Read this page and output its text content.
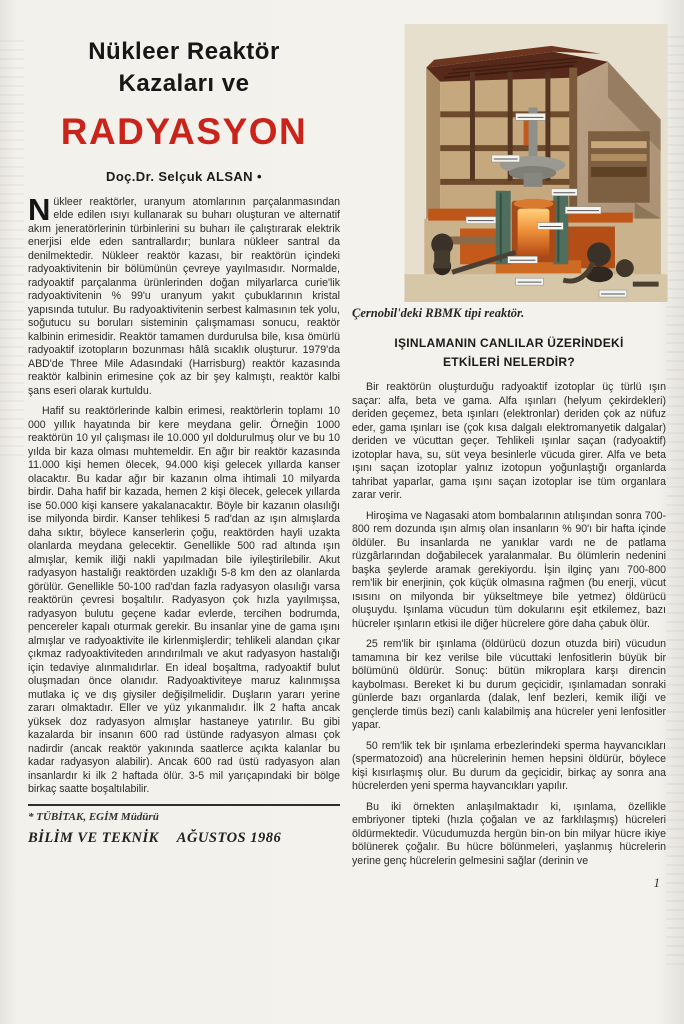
Nükleer Reaktör
Kazaları ve
RADYASYON
Doç.Dr. Selçuk ALSAN •

Nükleer reaktörler, uranyum atomlarının parçalanmasından elde edilen ısıyı kullanarak su buharı oluşturan ve alternatif akım jeneratörlerinin türbinlerini su buharı ile çalıştırarak elektrik enerjisi elde eden santrallardır; bunlara nükleer santral da denilmektedir. Nükleer reaktör kazası, bir reaktörün içindeki radyoaktivitenin bir bölümünün çevreye yayılmasıdır. Normalde, radyoaktif parçalanma ürünlerinden doğan milyarlarca curie'lik radyoaktivitenin % 99'u uranyum yakıt çubuklarının kristal yapısında tutulur. Bu radyoaktivitenin serbest kalmasının tek yolu, soğutucu su boruları sisteminin çalışmaması sonucu, reaktör kalbinin erimesidir. Reaktör tamamen durdurulsa bile, kısa ömürlü radyoaktif izotopların bozunması hâlâ sıcaklık oluşturur. 1979'da ABD'de Three Mile Adasındaki (Harrisburg) reaktör kazasında reaktör kalbinin erimesine çok az bir şey kalmıştı, reaktör kalbi şans eseri olarak kurtuldu.

Hafif su reaktörlerinde kalbin erimesi, reaktörlerin toplamı 10 000 yıllık hayatında bir kere meydana gelir. Örneğin 1000 reaktörün 10 yıl çalışması ile 10.000 yıl doldurulmuş olur ve bu 10 yılda bir kaza olması muhtemeldir. En ağır bir reaktör kazasında 11.000 kişi hemen ölecek, 94.000 kişi gelecek yıllarda kanser olacaktır. Bu kadar ağır bir kazanın olma ihtimali 10 milyarda birdir. Daha hafif bir kazada, hemen 2 kişi ölecek, gelecek yıllarda ise 50.000 kişi kansere yakalanacaktır. Böyle bir kazanın olasılığı ise milyonda birdir. Kanser tehlikesi 5 rad'dan az ışın almışlarda daha sıktır, böylece kanserlerin çoğu, reaktörden hayli uzakta olanlarda meydana gelecektir. Genellikle 500 rad altında ışın almışlar, kemik iliği nakli yapılmadan bile iyileştirilebilir. Akut radyasyon hastalığı reaktörden uzaklığı 5-8 km den az olanlarda görülür. Genellikle 50-100 rad'dan fazla radyasyon olasılığı varsa reaktörün çevresi boşaltılır. Radyasyon çok hızla yayılmışsa, radyasyon bulutu geçene kadar evlerde, tercihen bodrumda, pencereler kapalı oturmak gerekir. Bu insanlar yine de gama ışını almışlar ve radyoaktivite ile kirlenmişlerdir; tehlikeli alandan çıkar çıkmaz radyoaktiviteden arındırılmalı ve akut radyasyon hastalığı için tedaviye alınmalıdırlar. En ideal boşaltma, radyoaktif bulut oluşmadan önce olanıdır. Radyoaktiviteye maruz kalınmışsa mutlaka iç ve dış giysiler değişilmelidir. Duşların yararı yerine zararı olmaktadır. Eller ve yüz yıkanmalıdır. İlk 2 hafta ancak yüksek doz radyasyon almışlar hastaneye yatırılır. Bu gibi kazalarda bir insanın 600 rad üstünde radyasyon alması çok nadirdir (ancak reaktör yakınında saatlerce açıkta kalanlar bu kadar radyasyon alabilir). Ancak 600 rad üstü radyasyon alan insanlardır ki ilk 2 haftada ölür. 3-5 mil yarıçapındaki bir bölge birkaç saatte boşaltılabilir.

* TÜBİTAK, EGİM Müdürü
BİLİM VE TEKNİK AĞUSTOS 1986
Çernobil'deki RBMK tipi reaktör.
IŞINLAMANIN CANLILAR ÜZERİNDEKİ
ETKİLERİ NELERDİR?

Bir reaktörün oluşturduğu radyoaktif izotoplar üç türlü ışın saçar: alfa, beta ve gama. Alfa ışınları (helyum çekirdekleri) deriden geçemez, beta ışınları (elektronlar) deriden çok az nüfuz eder, gama ışınları ise (çok kısa dalgalı elektromanyetik dalgalar) deriden ve vücuttan geçer. Tehlikeli ışınlar saçan (radyoaktif) izotoplar hava, su, süt veya besinlerle vücuda girer. Alfa ve beta ışını saçan izotoplar yalnız izotopun yoğunlaştığı organlarda tahribat yaparlar, gama ışını saçan izotoplar ise tüm organlara zarar verir.

Hiroşima ve Nagasaki atom bombalarının atılışından sonra 700-800 rem dozunda ışın almış olan insanların % 90'ı bir hafta içinde öldüler. Bu insanlarda ne yanıklar vardı ne de patlama rüzgârlarından doğabilecek yaralanmalar. Bu ölümlerin nedenini başka şeylerde aramak gerekiyordu. İşin ilginç yanı 700-800 rem'lik bir enerjinin, çok küçük olmasına rağmen (bu enerji, vücut ısısını on milyonda bir yükseltmeye bile yetmez) öldürücü oluşuydu. Işınlama vücudun tüm dokularını eşit etkilemez, bazı hücreler ışınların etkisi ile diğer hücrelere göre daha çabuk ölür.

25 rem'lik bir ışınlama (öldürücü dozun otuzda biri) vücudun tamamına bir kez verilse bile vücuttaki lenfositlerin büyük bir bölümünü öldürür. Sonuç: bütün mikroplara karşı direncin kaybolması. Bereket ki bu durum geçicidir, ışınlamadan sonraki günlerde bazı organlarda (dalak, lenf bezleri, kemik iliği ve gençlerde timüs bezi) canlı kalabilmiş ana hücreler yeni lenfositler yapar.

50 rem'lik tek bir ışınlama erbezlerindeki sperma hayvancıkları (spermatozoid) ana hücrelerinin hemen hepsini öldürür, böylece kişi kısırlaşmış olur. Bu durum da geçicidir, birkaç ay sonra ana hücrelerden yeni sperma hayvancıkları yapılır.

Bu iki örnekten anlaşılmaktadır ki, ışınlama, özellikle embriyoner tipteki (hızla çoğalan ve az farklılaşmış) hücreleri öldürmektedir. Vücudumuzda hergün bin-on bin milyar hücre ikiye bölünerek çoğalır. Bu hücre bölünmeleri, yaşlanmış hücrelerin yerine genç hücrelerin gelmesini sağlar (derinin ve

1
